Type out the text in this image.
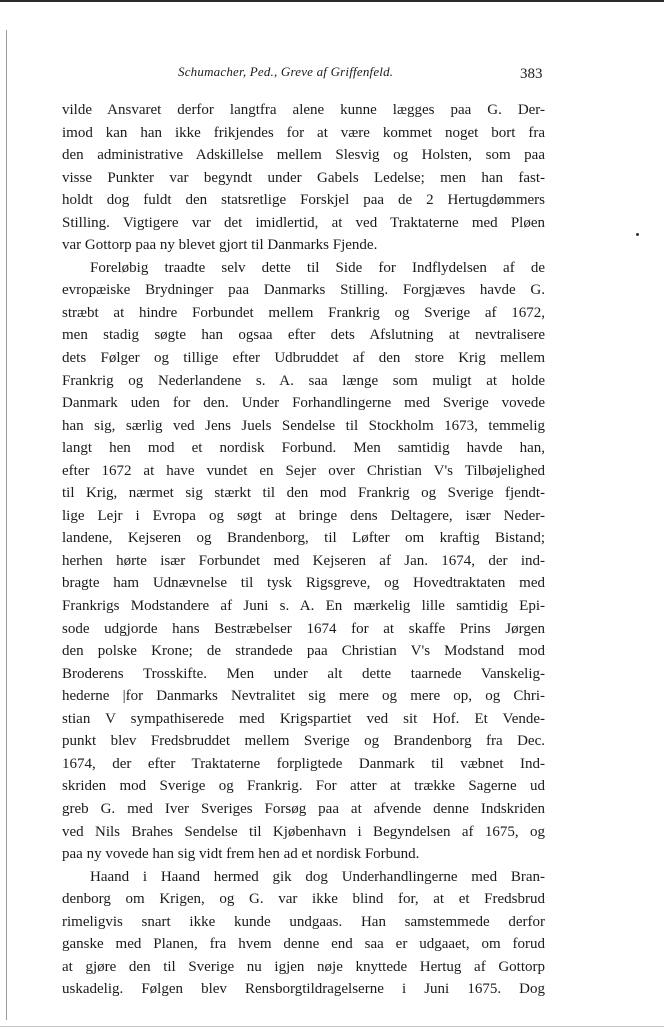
Schumacher, Ped., Greve af Griffenfeld.	383
vilde Ansvaret derfor langtfra alene kunne lægges paa G. Der-
imod kan han ikke frikjendes for at være kommet noget bort fra
den administrative Adskillelse mellem Slesvig og Holsten, som paa
visse Punkter var begyndt under Gabels Ledelse; men han fast-
holdt dog fuldt den statsretlige Forskjel paa de 2 Hertugdømmers
Stilling. Vigtigere var det imidlertid, at ved Traktaterne med Pløen
var Gottorp paa ny blevet gjort til Danmarks Fjende.
Foreløbig traadte selv dette til Side for Indflydelsen af de
evropæiske Brydninger paa Danmarks Stilling. Forgjæves havde G.
stræbt at hindre Forbundet mellem Frankrig og Sverige af 1672,
men stadig søgte han ogsaa efter dets Afslutning at nevtralisere
dets Følger og tillige efter Udbruddet af den store Krig mellem
Frankrig og Nederlandene s. A. saa længe som muligt at holde
Danmark uden for den. Under Forhandlingerne med Sverige vovede
han sig, særlig ved Jens Juels Sendelse til Stockholm 1673, temmelig
langt hen mod et nordisk Forbund. Men samtidig havde han,
efter 1672 at have vundet en Sejer over Christian V's Tilbøjelighed
til Krig, nærmet sig stærkt til den mod Frankrig og Sverige fjendt-
lige Lejr i Evropa og søgt at bringe dens Deltagere, især Neder-
landene, Kejseren og Brandenborg, til Løfter om kraftig Bistand;
herhen hørte især Forbundet med Kejseren af Jan. 1674, der ind-
bragte ham Udnævnelse til tysk Rigsgreve, og Hovedtraktaten med
Frankrigs Modstandere af Juni s. A. En mærkelig lille samtidig Epi-
sode udgjorde hans Bestræbelser 1674 for at skaffe Prins Jørgen
den polske Krone; de strandede paa Christian V's Modstand mod
Broderens Trosskifte. Men under alt dette taarnede Vanskelig-
hederne |for Danmarks Nevtralitet sig mere og mere op, og Chri-
stian V sympathiserede med Krigspartiet ved sit Hof. Et Vende-
punkt blev Fredsbruddet mellem Sverige og Brandenborg fra Dec.
1674, der efter Traktaterne forpligtede Danmark til væbnet Ind-
skriden mod Sverige og Frankrig. For atter at trække Sagerne ud
greb G. med Iver Sveriges Forsøg paa at afvende denne Indskriden
ved Nils Brahes Sendelse til Kjøbenhavn i Begyndelsen af 1675, og
paa ny vovede han sig vidt frem hen ad et nordisk Forbund.
Haand i Haand hermed gik dog Underhandlingerne med Bran-
denborg om Krigen, og G. var ikke blind for, at et Fredsbrud
rimeligvis snart ikke kunde undgaas. Han samstemmede derfor
ganske med Planen, fra hvem denne end saa er udgaaet, om forud
at gjøre den til Sverige nu igjen nøje knyttede Hertug af Gottorp
uskadelig. Følgen blev Rensborgtildragelserne i Juni 1675. Dog
